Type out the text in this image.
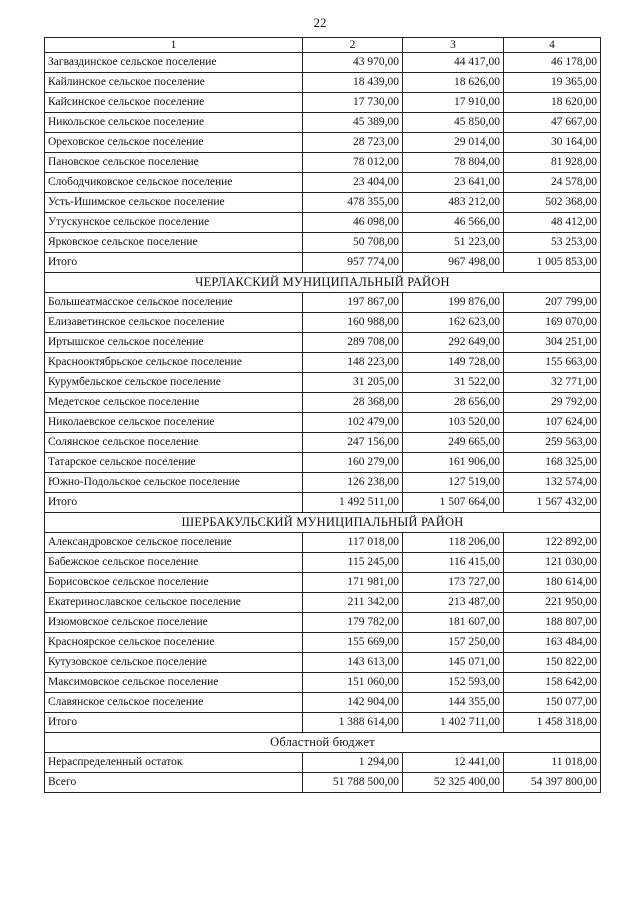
22
1	2	3	4
Загваздинское сельское поселение	43 970,00	44 417,00	46 178,00
Кайлинское сельское поселение	18 439,00	18 626,00	19 365,00
Кайсинское сельское поселение	17 730,00	17 910,00	18 620,00
Никольское сельское поселение	45 389,00	45 850,00	47 667,00
Ореховское сельское поселение	28 723,00	29 014,00	30 164,00
Пановское сельское поселение	78 012,00	78 804,00	81 928,00
Слободчиковское сельское поселение	23 404,00	23 641,00	24 578,00
Усть-Ишимское сельское поселение	478 355,00	483 212,00	502 368,00
Утускунское сельское поселение	46 098,00	46 566,00	48 412,00
Ярковское сельское поселение	50 708,00	51 223,00	53 253,00
Итого	957 774,00	967 498,00	1 005 853,00
ЧЕРЛАКСКИЙ МУНИЦИПАЛЬНЫЙ РАЙОН			
Большеатмасское сельское поселение	197 867,00	199 876,00	207 799,00
Елизаветинское сельское поселение	160 988,00	162 623,00	169 070,00
Иртышское сельское поселение	289 708,00	292 649,00	304 251,00
Краснооктябрьское сельское поселение	148 223,00	149 728,00	155 663,00
Курумбельское сельское поселение	31 205,00	31 522,00	32 771,00
Медетское сельское поселение	28 368,00	28 656,00	29 792,00
Николаевское сельское поселение	102 479,00	103 520,00	107 624,00
Солянское сельское поселение	247 156,00	249 665,00	259 563,00
Татарское сельское поселение	160 279,00	161 906,00	168 325,00
Южно-Подольское сельское поселение	126 238,00	127 519,00	132 574,00
Итого	1 492 511,00	1 507 664,00	1 567 432,00
ШЕРБАКУЛЬСКИЙ МУНИЦИПАЛЬНЫЙ РАЙОН			
Александровское сельское поселение	117 018,00	118 206,00	122 892,00
Бабежское сельское поселение	115 245,00	116 415,00	121 030,00
Борисовское сельское поселение	171 981,00	173 727,00	180 614,00
Екатеринославское сельское поселение	211 342,00	213 487,00	221 950,00
Изюмовское сельское поселение	179 782,00	181 607,00	188 807,00
Красноярское сельское поселение	155 669,00	157 250,00	163 484,00
Кутузовское сельское поселение	143 613,00	145 071,00	150 822,00
Максимовское сельское поселение	151 060,00	152 593,00	158 642,00
Славянское сельское поселение	142 904,00	144 355,00	150 077,00
Итого	1 388 614,00	1 402 711,00	1 458 318,00
Областной бюджет			
Нераспределенный остаток	1 294,00	12 441,00	11 018,00
Всего	51 788 500,00	52 325 400,00	54 397 800,00
